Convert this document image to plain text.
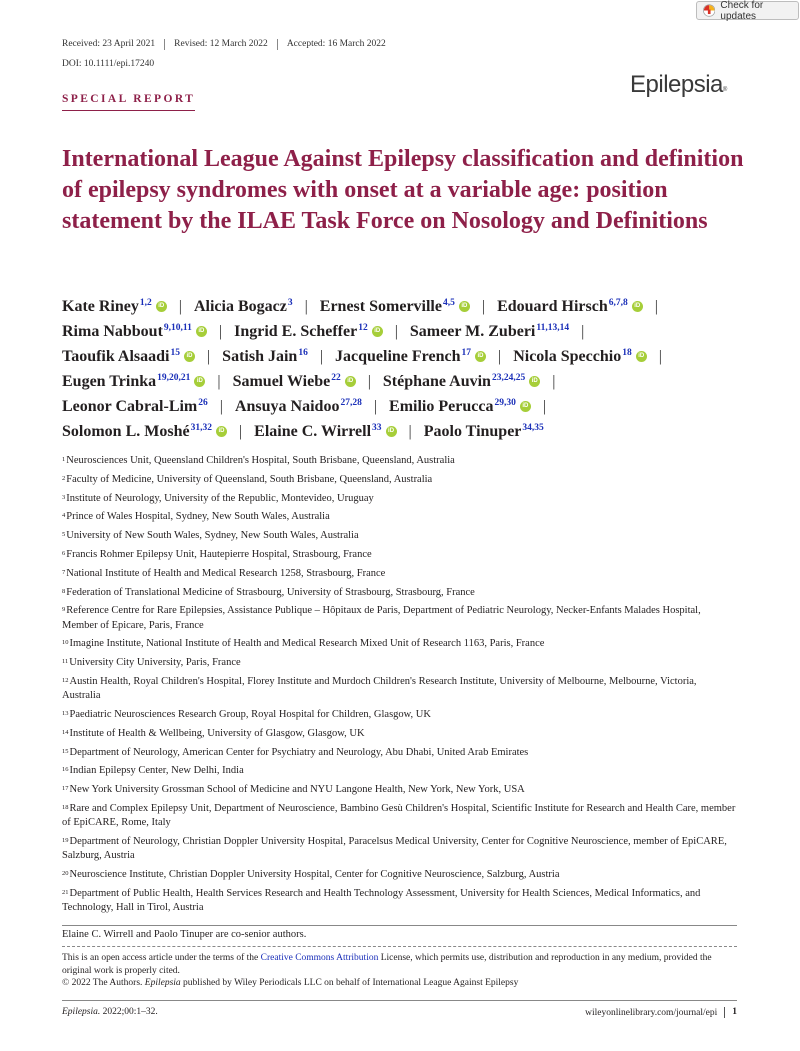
Check for updates
Received: 23 April 2021	Revised: 12 March 2022	Accepted: 16 March 2022
DOI: 10.1111/epi.17240
Epilepsia®
SPECIAL REPORT
International League Against Epilepsy classification and definition of epilepsy syndromes with onset at a variable age: position statement by the ILAE Task Force on Nosology and Definitions
Kate Riney$^{1,2}$ iD | Alicia Bogacz$^3$ | Ernest Somerville$^{4,5}$ iD | Edouard Hirsch$^{6,7,8}$ iD |
Rima Nabbout$^{9,10,11}$ iD | Ingrid E. Scheffer$^{12}$ iD | Sameer M. Zuberi$^{11,13,14}$ |
Taoufik Alsaadi$^{15}$ iD | Satish Jain$^{16}$ | Jacqueline French$^{17}$ iD | Nicola Specchio$^{18}$ iD |
Eugen Trinka$^{19,20,21}$ iD | Samuel Wiebe$^{22}$ iD | Stéphane Auvin$^{23,24,25}$ iD |
Leonor Cabral-Lim$^{26}$ | Ansuya Naidoo$^{27,28}$ | Emilio Perucca$^{29,30}$ iD |
Solomon L. Moshé$^{31,32}$ iD | Elaine C. Wirrell$^{33}$ iD | Paolo Tinuper$^{34,35}$
$^1$Neurosciences Unit, Queensland Children's Hospital, South Brisbane, Queensland, Australia
$^2$Faculty of Medicine, University of Queensland, South Brisbane, Queensland, Australia
$^3$Institute of Neurology, University of the Republic, Montevideo, Uruguay
$^4$Prince of Wales Hospital, Sydney, New South Wales, Australia
$^5$University of New South Wales, Sydney, New South Wales, Australia
$^6$Francis Rohmer Epilepsy Unit, Hautepierre Hospital, Strasbourg, France
$^7$National Institute of Health and Medical Research 1258, Strasbourg, France
$^8$Federation of Translational Medicine of Strasbourg, University of Strasbourg, Strasbourg, France
$^9$Reference Centre for Rare Epilepsies, Assistance Publique – Hôpitaux de Paris, Department of Pediatric Neurology, Necker-Enfants Malades Hospital, Member of Epicare, Paris, France
$^{10}$Imagine Institute, National Institute of Health and Medical Research Mixed Unit of Research 1163, Paris, France
$^{11}$University City University, Paris, France
$^{12}$Austin Health, Royal Children's Hospital, Florey Institute and Murdoch Children's Research Institute, University of Melbourne, Melbourne, Victoria, Australia
$^{13}$Paediatric Neurosciences Research Group, Royal Hospital for Children, Glasgow, UK
$^{14}$Institute of Health & Wellbeing, University of Glasgow, Glasgow, UK
$^{15}$Department of Neurology, American Center for Psychiatry and Neurology, Abu Dhabi, United Arab Emirates
$^{16}$Indian Epilepsy Center, New Delhi, India
$^{17}$New York University Grossman School of Medicine and NYU Langone Health, New York, New York, USA
$^{18}$Rare and Complex Epilepsy Unit, Department of Neuroscience, Bambino Gesù Children's Hospital, Scientific Institute for Research and Health Care, member of EpiCARE, Rome, Italy
$^{19}$Department of Neurology, Christian Doppler University Hospital, Paracelsus Medical University, Center for Cognitive Neuroscience, member of EpiCARE, Salzburg, Austria
$^{20}$Neuroscience Institute, Christian Doppler University Hospital, Center for Cognitive Neuroscience, Salzburg, Austria
$^{21}$Department of Public Health, Health Services Research and Health Technology Assessment, University for Health Sciences, Medical Informatics, and Technology, Hall in Tirol, Austria
Elaine C. Wirrell and Paolo Tinuper are co-senior authors.
This is an open access article under the terms of the Creative Commons Attribution License, which permits use, distribution and reproduction in any medium, provided the original work is properly cited.
© 2022 The Authors. Epilepsia published by Wiley Periodicals LLC on behalf of International League Against Epilepsy
Epilepsia. 2022;00:1–32.	wileyonlinelibrary.com/journal/epi	1
